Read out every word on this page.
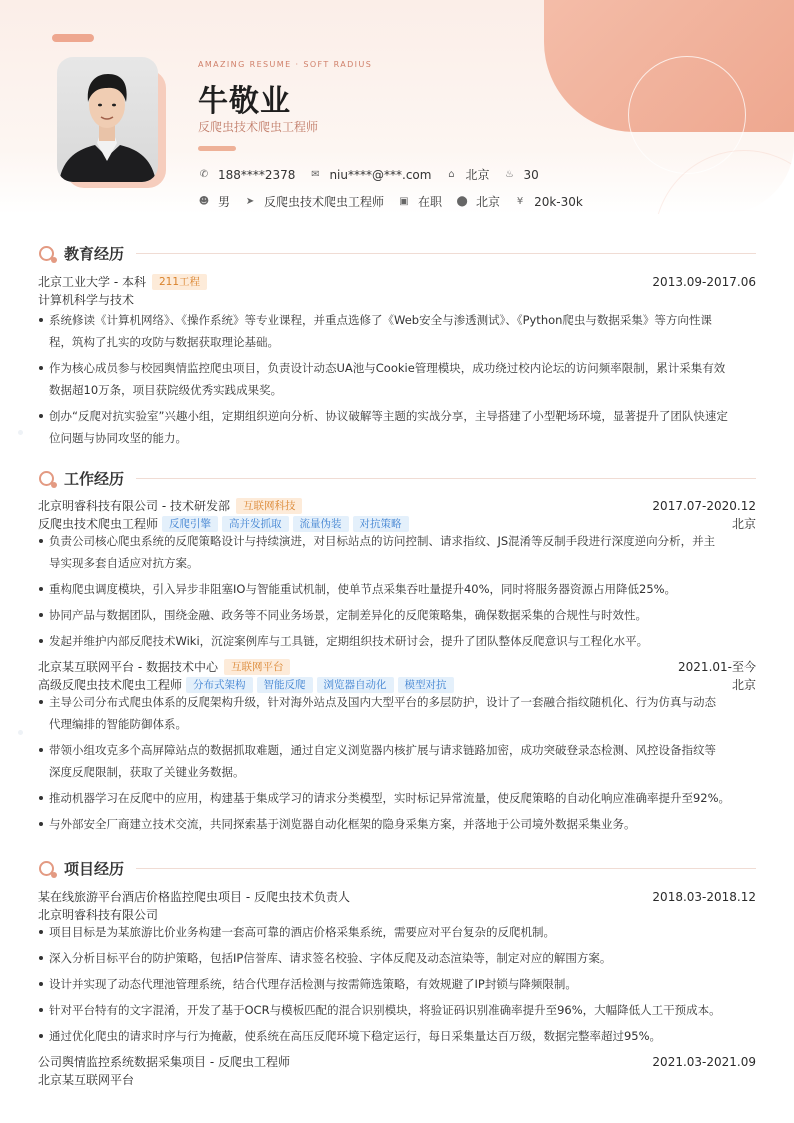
AMAZING RESUME · SOFT RADIUS
牛敬业
反爬虫技术爬虫工程师
✆ 188****2378 ✉ niu****@***.com ⌂ 北京 ♨ 30
☻ 男 ➤ 反爬虫技术爬虫工程师 ▣ 在职 ⬤ 北京 ¥ 20k-30k
教育经历
北京工业大学 - 本科	211工程	2013.09-2017.06
计算机科学与技术
系统修读《计算机网络》、《操作系统》等专业课程，并重点选修了《Web安全与渗透测试》、《Python爬虫与数据采集》等方向性课
程，筑构了扎实的攻防与数据获取理论基础。
作为核心成员参与校园舆情监控爬虫项目，负责设计动态UA池与Cookie管理模块，成功绕过校内论坛的访问频率限制，累计采集有效
数据超10万条，项目获院级优秀实践成果奖。
创办“反爬对抗实验室”兴趣小组，定期组织逆向分析、协议破解等主题的实战分享，主导搭建了小型靶场环境，显著提升了团队快速定
位问题与协同攻坚的能力。
工作经历
北京明睿科技有限公司 - 技术研发部	互联网科技	2017.07-2020.12
反爬虫技术爬虫工程师	反爬引擎	高并发抓取	流量伪装	对抗策略	北京
负责公司核心爬虫系统的反爬策略设计与持续演进，对目标站点的访问控制、请求指纹、JS混淆等反制手段进行深度逆向分析，并主
导实现多套自适应对抗方案。
重构爬虫调度模块，引入异步非阻塞IO与智能重试机制，使单节点采集吞吐量提升40%，同时将服务器资源占用降低25%。
协同产品与数据团队，围绕金融、政务等不同业务场景，定制差异化的反爬策略集，确保数据采集的合规性与时效性。
发起并维护内部反爬技术Wiki，沉淀案例库与工具链，定期组织技术研讨会，提升了团队整体反爬意识与工程化水平。
北京某互联网平台 - 数据技术中心	互联网平台	2021.01-至今
高级反爬虫技术爬虫工程师	分布式架构	智能反爬	浏览器自动化	模型对抗	北京
主导公司分布式爬虫体系的反爬架构升级，针对海外站点及国内大型平台的多层防护，设计了一套融合指纹随机化、行为仿真与动态
代理编排的智能防御体系。
带领小组攻克多个高屏障站点的数据抓取难题，通过自定义浏览器内核扩展与请求链路加密，成功突破登录态检测、风控设备指纹等
深度反爬限制，获取了关键业务数据。
推动机器学习在反爬中的应用，构建基于集成学习的请求分类模型，实时标记异常流量，使反爬策略的自动化响应准确率提升至92%。
与外部安全厂商建立技术交流，共同探索基于浏览器自动化框架的隐身采集方案，并落地于公司境外数据采集业务。
项目经历
某在线旅游平台酒店价格监控爬虫项目 - 反爬虫技术负责人	2018.03-2018.12
北京明睿科技有限公司
项目目标是为某旅游比价业务构建一套高可靠的酒店价格采集系统，需要应对平台复杂的反爬机制。
深入分析目标平台的防护策略，包括IP信誉库、请求签名校验、字体反爬及动态渲染等，制定对应的解围方案。
设计并实现了动态代理池管理系统，结合代理存活检测与按需筛选策略，有效规避了IP封锁与降频限制。
针对平台特有的文字混淆，开发了基于OCR与模板匹配的混合识别模块，将验证码识别准确率提升至96%，大幅降低人工干预成本。
通过优化爬虫的请求时序与行为掩蔽，使系统在高压反爬环境下稳定运行，每日采集量达百万级，数据完整率超过95%。
公司舆情监控系统数据采集项目 - 反爬虫工程师	2021.03-2021.09
北京某互联网平台
